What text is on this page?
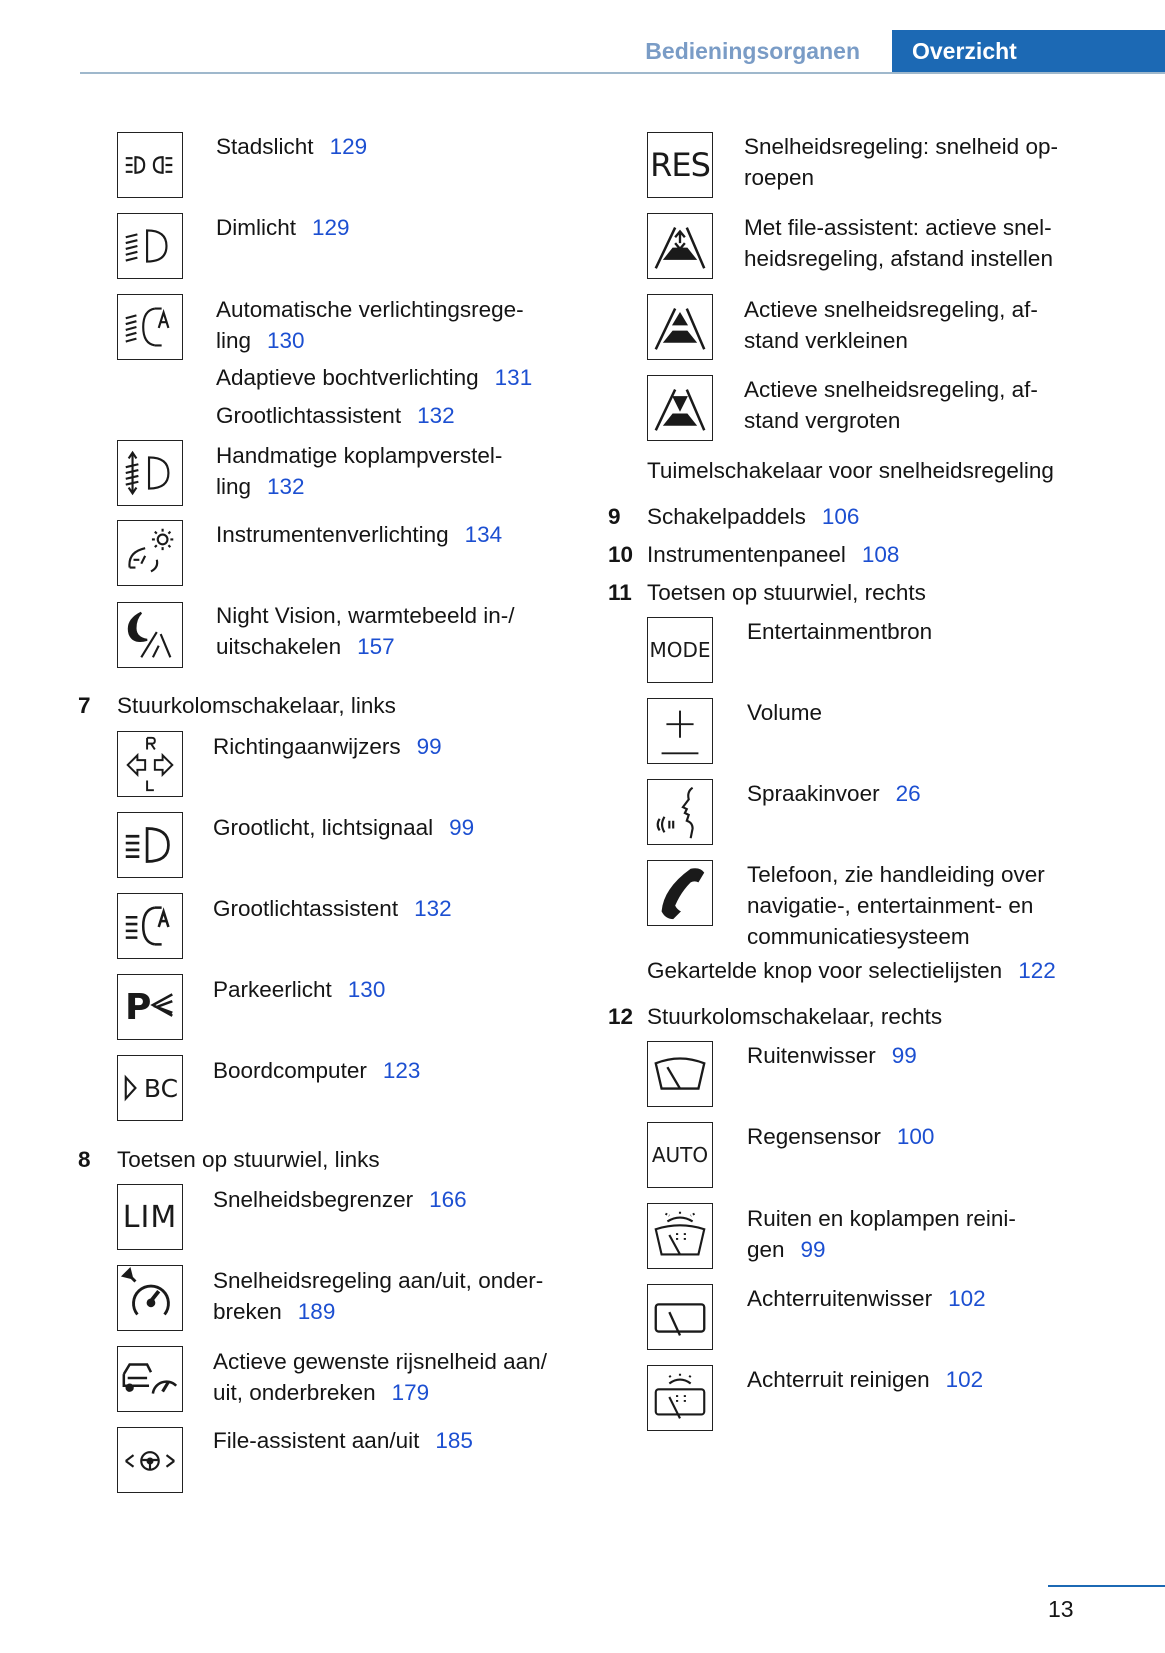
Bedieningsorganen	Overzicht
Stadslicht 129
Dimlicht 129
Automatische verlichtingsrege-
ling 130
Adaptieve bochtverlichting 131
Grootlichtassistent 132
Handmatige koplampverstel-
ling 132
Instrumentenverlichting 134
Night Vision, warmtebeeld in-/
uitschakelen 157
7 Stuurkolomschakelaar, links
Richtingaanwijzers 99
Grootlicht, lichtsignaal 99
Grootlichtassistent 132
P	Parkeerlicht 130
BC
Boordcomputer 123
8 Toetsen op stuurwiel, links
LIM Snelheidsbegrenzer 166
Snelheidsregeling aan/uit, onder-
breken 189
Actieve gewenste rijsnelheid aan/
uit, onderbreken 179
File-assistent aan/uit 185
RES Snelheidsregeling: snelheid op-
roepen
Met file-assistent: actieve snel-
heidsregeling, afstand instellen
Actieve snelheidsregeling, af-
stand verkleinen
Actieve snelheidsregeling, af-
stand vergroten
Tuimelschakelaar voor snelheidsregeling
9 Schakelpaddels 106
10 Instrumentenpaneel 108
11 Toetsen op stuurwiel, rechts
MODE
Entertainmentbron
Volume
Spraakinvoer 26
Telefoon, zie handleiding over
navigatie-, entertainment- en
communicatiesysteem
Gekartelde knop voor selectielijsten 122
12 Stuurkolomschakelaar, rechts
Ruitenwisser 99
AUTO
Regensensor 100
Ruiten en koplampen reini-
gen 99
Achterruitenwisser 102
Achterruit reinigen 102
13
